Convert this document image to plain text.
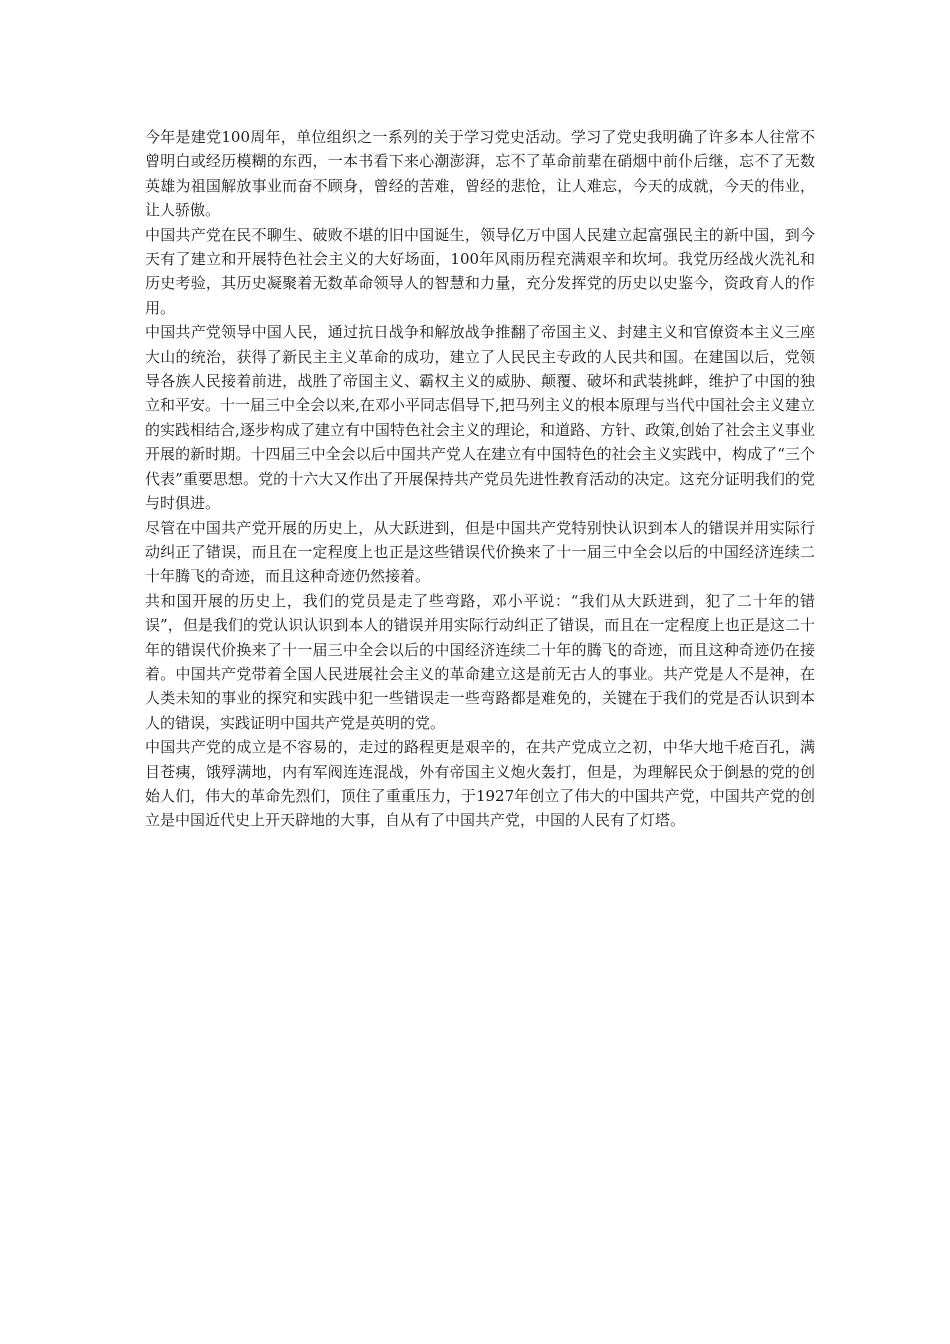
今年是建党100周年，单位组织之一系列的关于学习党史活动。学习了党史我明确了许多本人往常不曾明白或经历模糊的东西，一本书看下来心潮澎湃，忘不了革命前辈在硝烟中前仆后继，忘不了无数英雄为祖国解放事业而奋不顾身，曾经的苦难，曾经的悲怆，让人难忘，今天的成就，今天的伟业，让人骄傲。

中国共产党在民不聊生、破败不堪的旧中国诞生，领导亿万中国人民建立起富强民主的新中国，到今天有了建立和开展特色社会主义的大好场面，100年风雨历程充满艰辛和坎坷。我党历经战火洗礼和历史考验，其历史凝聚着无数革命领导人的智慧和力量，充分发挥党的历史以史鉴今，资政育人的作用。

中国共产党领导中国人民，通过抗日战争和解放战争推翻了帝国主义、封建主义和官僚资本主义三座大山的统治，获得了新民主主义革命的成功，建立了人民民主专政的人民共和国。在建国以后，党领导各族人民接着前进，战胜了帝国主义、霸权主义的威胁、颠覆、破坏和武装挑衅，维护了中国的独立和平安。十一届三中全会以来,在邓小平同志倡导下,把马列主义的根本原理与当代中国社会主义建立的实践相结合,逐步构成了建立有中国特色社会主义的理论，和道路、方针、政策,创始了社会主义事业开展的新时期。十四届三中全会以后中国共产党人在建立有中国特色的社会主义实践中，构成了“三个代表”重要思想。党的十六大又作出了开展保持共产党员先进性教育活动的决定。这充分证明我们的党与时俱进。

尽管在中国共产党开展的历史上，从大跃进到，但是中国共产党特别快认识到本人的错误并用实际行动纠正了错误，而且在一定程度上也正是这些错误代价换来了十一届三中全会以后的中国经济连续二十年腾飞的奇迹，而且这种奇迹仍然接着。

共和国开展的历史上，我们的党员是走了些弯路，邓小平说：“我们从大跃进到，犯了二十年的错误”，但是我们的党认识认识到本人的错误并用实际行动纠正了错误，而且在一定程度上也正是这二十年的错误代价换来了十一届三中全会以后的中国经济连续二十年的腾飞的奇迹，而且这种奇迹仍在接着。中国共产党带着全国人民进展社会主义的革命建立这是前无古人的事业。共产党是人不是神，在人类未知的事业的探究和实践中犯一些错误走一些弯路都是难免的，关键在于我们的党是否认识到本人的错误，实践证明中国共产党是英明的党。

中国共产党的成立是不容易的，走过的路程更是艰辛的，在共产党成立之初，中华大地千疮百孔，满目苍痍，饿殍满地，内有军阀连连混战，外有帝国主义炮火轰打，但是，为理解民众于倒悬的党的创始人们，伟大的革命先烈们，顶住了重重压力，于1927年创立了伟大的中国共产党，中国共产党的创立是中国近代史上开天辟地的大事，自从有了中国共产党，中国的人民有了灯塔。
